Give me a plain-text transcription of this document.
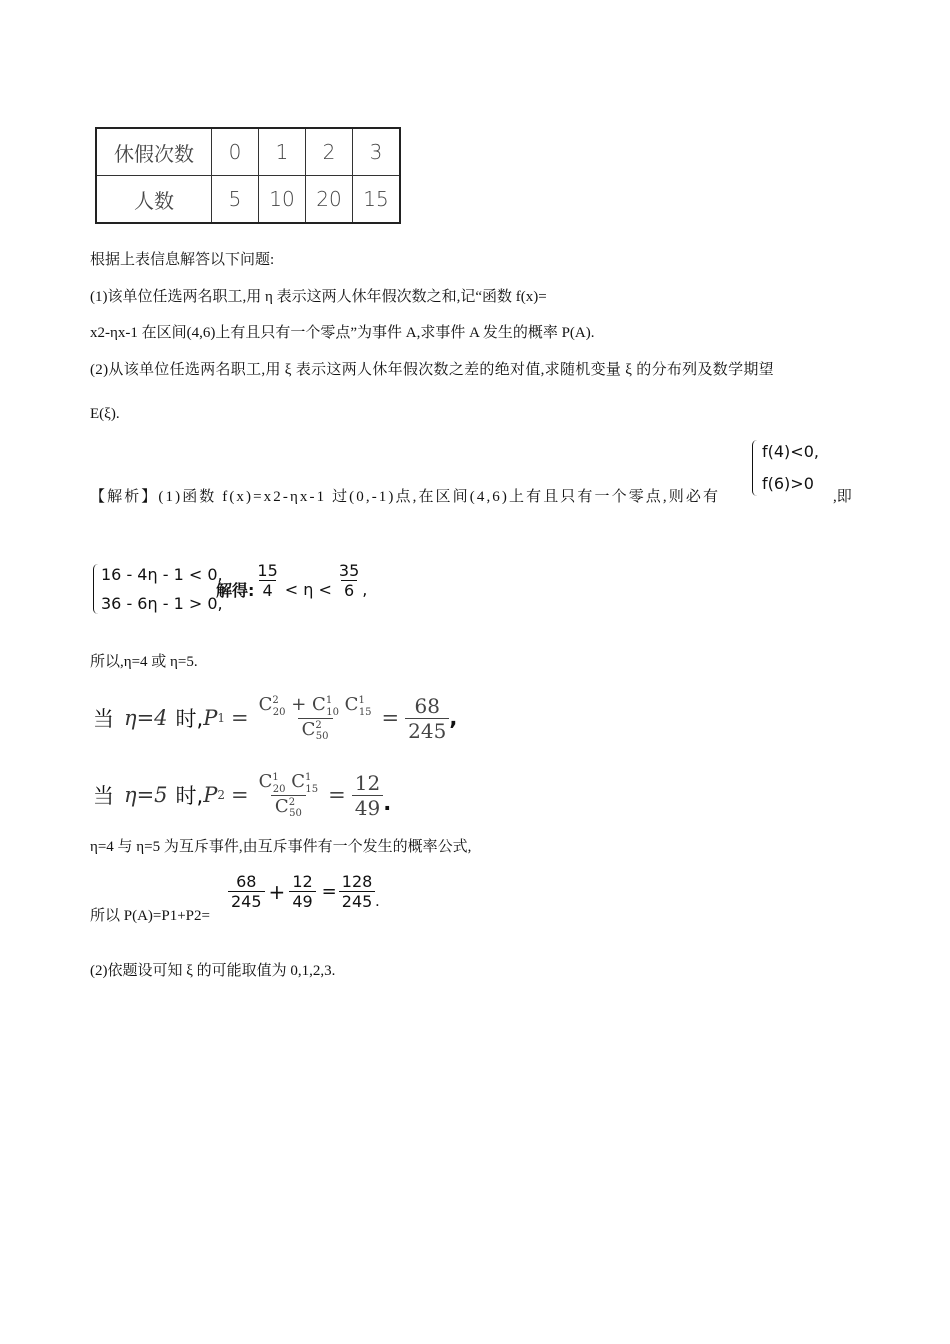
休假次数	0	1	2	3
人数	5	10	20	15
根据上表信息解答以下问题:
(1)该单位任选两名职工,用 η 表示这两人休年假次数之和,记“函数 f(x)=
x2-ηx-1 在区间(4,6)上有且只有一个零点”为事件 A,求事件 A 发生的概率 P(A).
(2)从该单位任选两名职工,用 ξ 表示这两人休年假次数之差的绝对值,求随机变量 ξ 的分布列及数学期望
E(ξ).
【解析】(1)函数 f(x)=x2-ηx-1 过(0,-1)点,在区间(4,6)上有且只有一个零点,则必有
f(4)<0,
f(6)>0
,即
16 - 4η - 1 < 0,
36 - 6η - 1 > 0,
解得: $\frac{15}{4} < \eta < \frac{35}{6}$ ,
所以,η=4 或 η=5.
当 η=4 时, P $1 = \frac{C^2_{20} + C^1_{10} C^1_{15}}{C^2_{50}} = \frac{68}{245}$ ,
当 η=5 时, P $2 = \frac{C^1_{20} C^1_{15}}{C^2_{50}} = \frac{12}{49}$ .
η=4 与 η=5 为互斥事件,由互斥事件有一个发生的概率公式,
所以 P(A)=P1+P2=
$\frac{68}{245} + \frac{12}{49} = \frac{128}{245}$ .
(2)依题设可知 ξ 的可能取值为 0,1,2,3.
